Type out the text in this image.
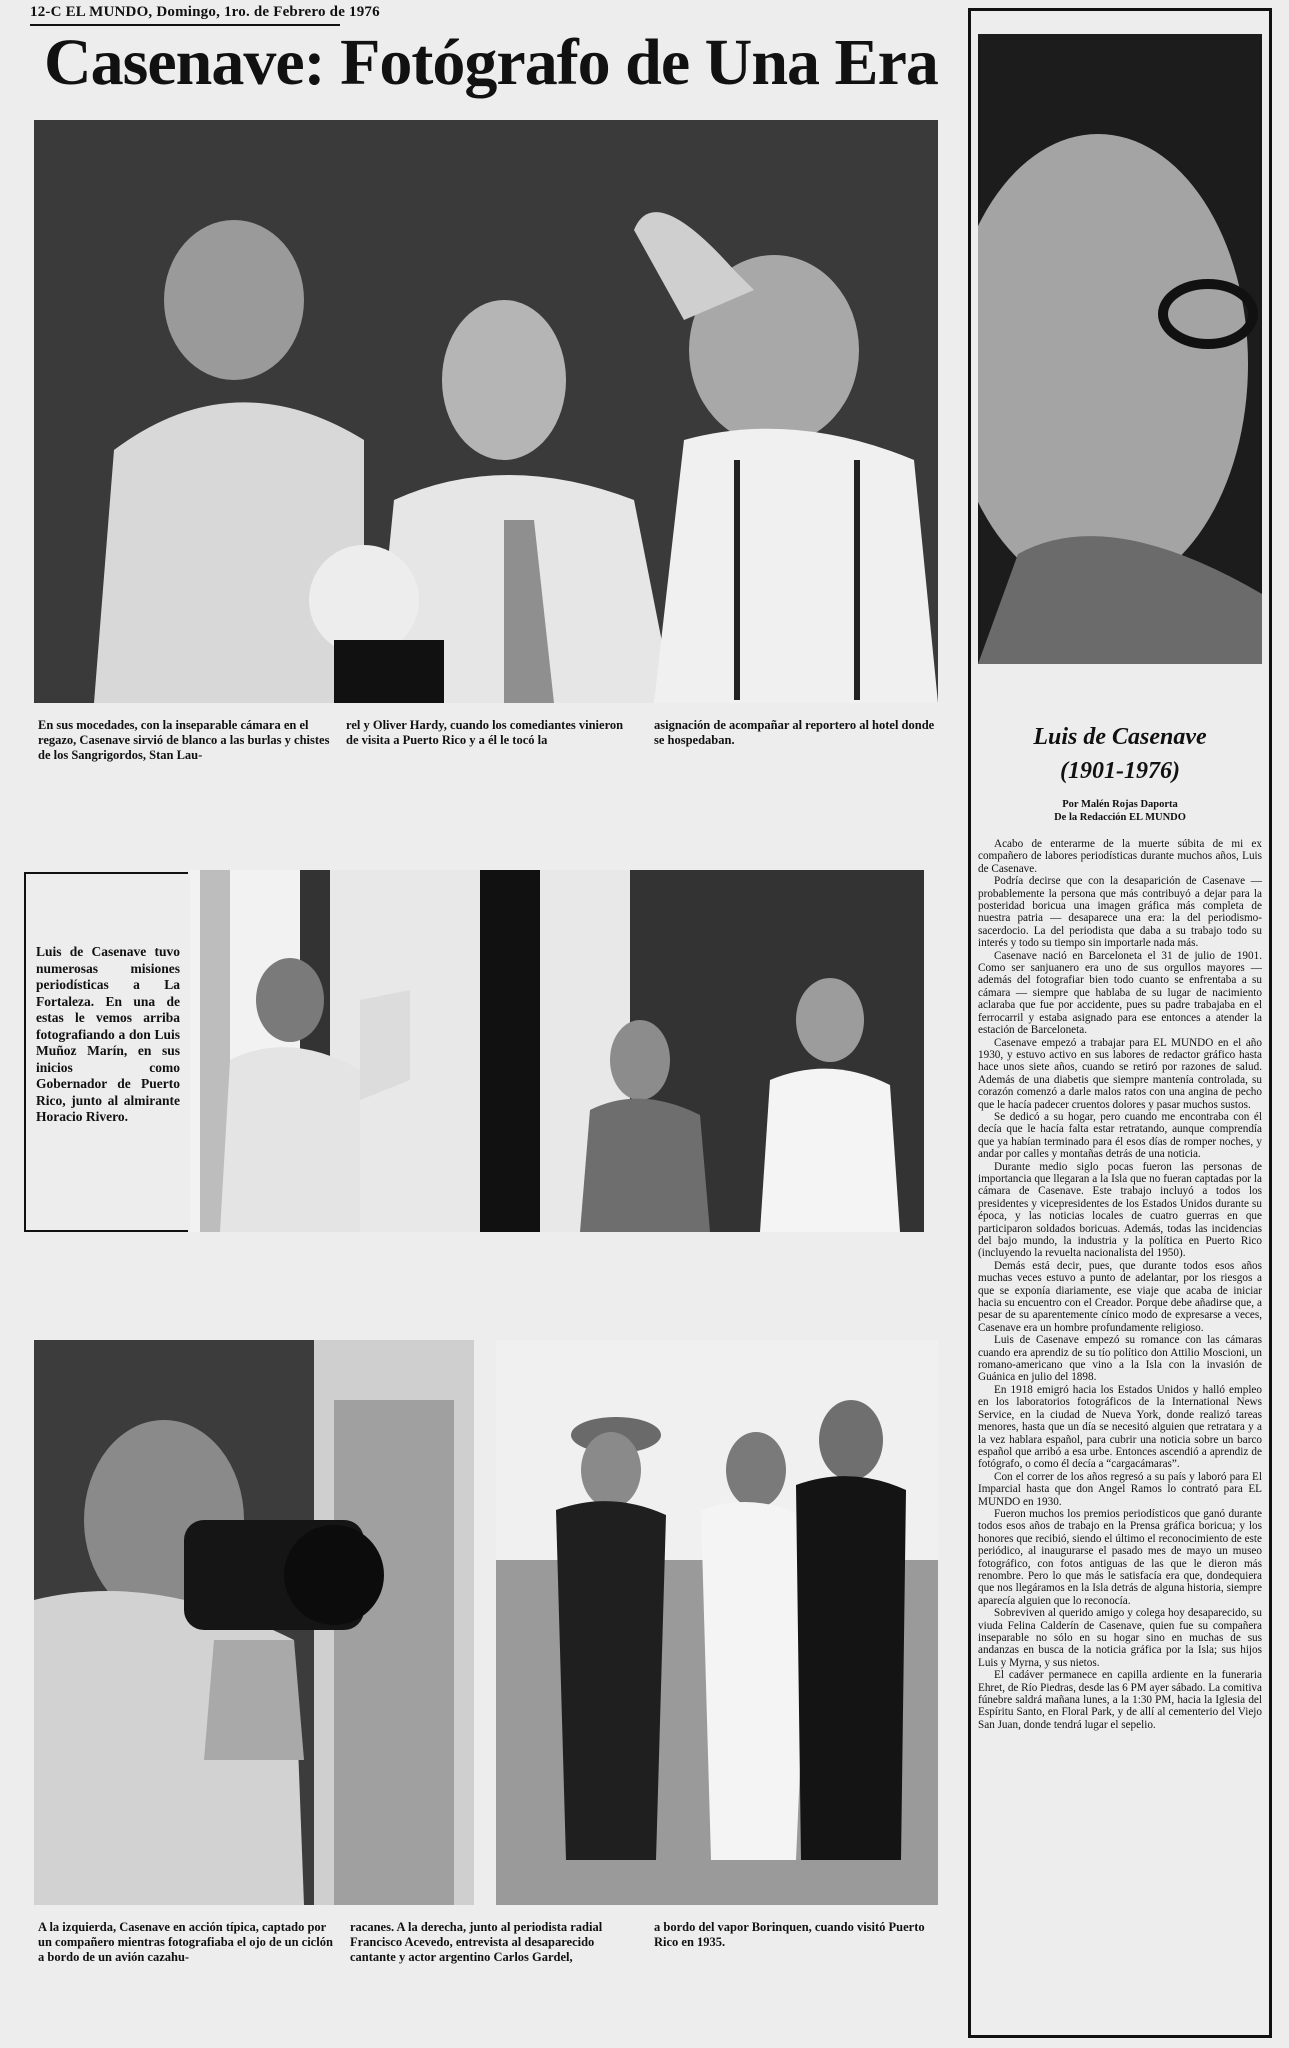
12-C EL MUNDO, Domingo, 1ro. de Febrero de 1976
Casenave: Fotógrafo de Una Era
En sus mocedades, con la inseparable cámara en el regazo, Casenave sirvió de blanco a las burlas y chistes de los Sangrigordos, Stan Lau-
rel y Oliver Hardy, cuando los comediantes vinieron de visita a Puerto Rico y a él le tocó la
asignación de acompañar al reportero al hotel donde se hospedaban.
Luis de Casenave tuvo numerosas misiones periodísticas a La Fortaleza. En una de estas le vemos arriba fotografiando a don Luis Muñoz Marín, en sus inicios como Gobernador de Puerto Rico, junto al almirante Horacio Rivero.
A la izquierda, Casenave en acción típica, captado por un compañero mientras fotografiaba el ojo de un ciclón a bordo de un avión cazahu-
racanes. A la derecha, junto al periodista radial Francisco Acevedo, entrevista al desaparecido cantante y actor argentino Carlos Gardel,
a bordo del vapor Borinquen, cuando visitó Puerto Rico en 1935.
Luis de Casenave
(1901-1976)
Por Malén Rojas Daporta
De la Redacción EL MUNDO

Acabo de enterarme de la muerte súbita de mi ex compañero de labores periodísticas durante muchos años, Luis de Casenave.

Podría decirse que con la desaparición de Casenave —probablemente la persona que más contribuyó a dejar para la posteridad boricua una imagen gráfica más completa de nuestra patria — desaparece una era: la del periodismo-sacerdocio. La del periodista que daba a su trabajo todo su interés y todo su tiempo sin importarle nada más.

Casenave nació en Barceloneta el 31 de julio de 1901. Como ser sanjuanero era uno de sus orgullos mayores —además del fotografiar bien todo cuanto se enfrentaba a su cámara — siempre que hablaba de su lugar de nacimiento aclaraba que fue por accidente, pues su padre trabajaba en el ferrocarril y estaba asignado para ese entonces a atender la estación de Barceloneta.

Casenave empezó a trabajar para EL MUNDO en el año 1930, y estuvo activo en sus labores de redactor gráfico hasta hace unos siete años, cuando se retiró por razones de salud. Además de una diabetis que siempre mantenía controlada, su corazón comenzó a darle malos ratos con una angina de pecho que le hacía padecer cruentos dolores y pasar muchos sustos.

Se dedicó a su hogar, pero cuando me encontraba con él decía que le hacía falta estar retratando, aunque comprendía que ya habían terminado para él esos días de romper noches, y andar por calles y montañas detrás de una noticia.

Durante medio siglo pocas fueron las personas de importancia que llegaran a la Isla que no fueran captadas por la cámara de Casenave. Este trabajo incluyó a todos los presidentes y vicepresidentes de los Estados Unidos durante su época, y las noticias locales de cuatro guerras en que participaron soldados boricuas. Además, todas las incidencias del bajo mundo, la industria y la política en Puerto Rico (incluyendo la revuelta nacionalista del 1950).

Demás está decir, pues, que durante todos esos años muchas veces estuvo a punto de adelantar, por los riesgos a que se exponía diariamente, ese viaje que acaba de iniciar hacia su encuentro con el Creador. Porque debe añadirse que, a pesar de su aparentemente cínico modo de expresarse a veces, Casenave era un hombre profundamente religioso.

Luis de Casenave empezó su romance con las cámaras cuando era aprendiz de su tío político don Attilio Moscioni, un romano-americano que vino a la Isla con la invasión de Guánica en julio del 1898.

En 1918 emigró hacia los Estados Unidos y halló empleo en los laboratorios fotográficos de la International News Service, en la ciudad de Nueva York, donde realizó tareas menores, hasta que un día se necesitó alguien que retratara y a la vez hablara español, para cubrir una noticia sobre un barco español que arribó a esa urbe. Entonces ascendió a aprendiz de fotógrafo, o como él decía a “cargacámaras”.

Con el correr de los años regresó a su país y laboró para El Imparcial hasta que don Angel Ramos lo contrató para EL MUNDO en 1930.

Fueron muchos los premios periodísticos que ganó durante todos esos años de trabajo en la Prensa gráfica boricua; y los honores que recibió, siendo el último el reconocimiento de este periódico, al inaugurarse el pasado mes de mayo un museo fotográfico, con fotos antiguas de las que le dieron más renombre. Pero lo que más le satisfacía era que, dondequiera que nos llegáramos en la Isla detrás de alguna historia, siempre aparecía alguien que lo reconocía.

Sobreviven al querido amigo y colega hoy desaparecido, su viuda Felina Calderín de Casenave, quien fue su compañera inseparable no sólo en su hogar sino en muchas de sus andanzas en busca de la noticia gráfica por la Isla; sus hijos Luis y Myrna, y sus nietos.

El cadáver permanece en capilla ardiente en la funeraria Ehret, de Río Piedras, desde las 6 PM ayer sábado. La comitiva fúnebre saldrá mañana lunes, a la 1:30 PM, hacia la Iglesia del Espíritu Santo, en Floral Park, y de allí al cementerio del Viejo San Juan, donde tendrá lugar el sepelio.
